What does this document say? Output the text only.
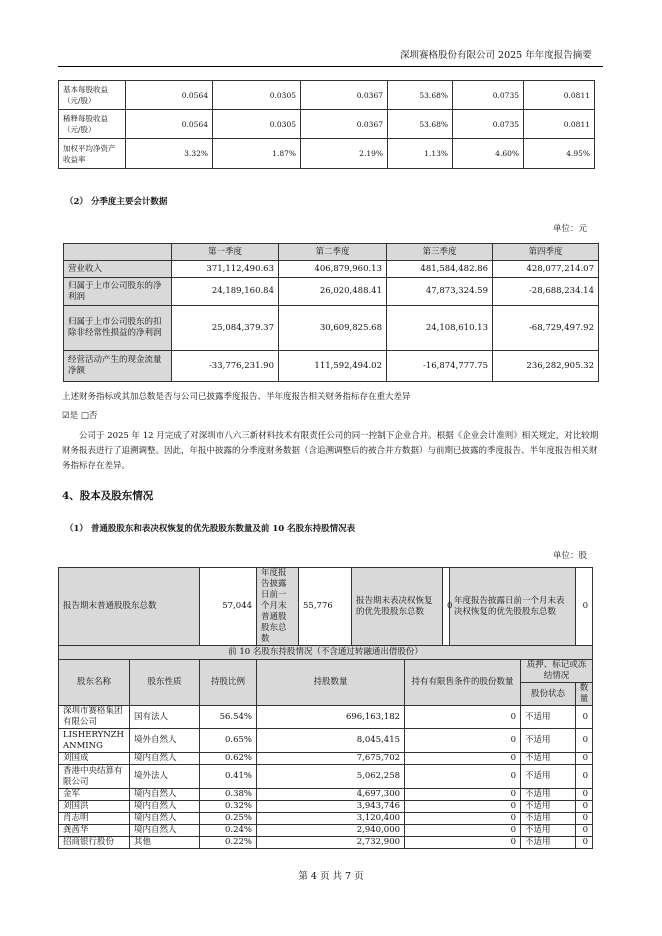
深圳赛格股份有限公司 2025 年年度报告摘要
基本每股收益（元/股）	0.0564	0.0305	0.0367	53.68%	0.0735	0.0811
稀释每股收益（元/股）	0.0564	0.0305	0.0367	53.68%	0.0735	0.0811
加权平均净资产收益率	3.32%	1.87%	2.19%	1.13%	4.60%	4.95%
（2） 分季度主要会计数据
单位：元
	第一季度	第二季度	第三季度	第四季度
营业收入	371,112,490.63	406,879,960.13	481,584,482.86	428,077,214.07
归属于上市公司股东的净利润	24,189,160.84	26,020,488.41	47,873,324.59	-28,688,234.14
归属于上市公司股东的扣除非经常性损益的净利润	25,084,379.37	30,609,825.68	24,108,610.13	-68,729,497.92
经营活动产生的现金流量净额	-33,776,231.90	111,592,494.02	-16,874,777.75	236,282,905.32
上述财务指标或其加总数是否与公司已披露季度报告、半年度报告相关财务指标存在重大差异
☑是 □否
公司于 2025 年 12 月完成了对深圳市八六三新材料技术有限责任公司的同一控制下企业合并。根据《企业会计准则》相关规定，对比较期财务报表进行了追溯调整。因此，年报中披露的分季度财务数据（含追溯调整后的被合并方数据）与前期已披露的季度报告、半年度报告相关财务指标存在差异。
4、股本及股东情况
（1） 普通股股东和表决权恢复的优先股股东数量及前 10 名股东持股情况表
单位：股
报告期末普通股股东总数		57,044	年度报告披露日前一个月末普通股股东总数	55,776	报告期末表决权恢复的优先股股东总数		0	年度报告披露日前一个月末表决权恢复的优先股股东总数		0
前 10 名股东持股情况（不含通过转融通出借股份）										
股东名称	股东性质	持股比例	持股数量			持有有限售条件的股份数量			质押、标记或冻结情况	
									股份状态	数量
深圳市赛格集团有限公司	国有法人	56.54%	696,163,182			0			不适用	0
LISHERYNZHANMING	境外自然人	0.65%	8,045,415			0			不适用	0
刘国成	境内自然人	0.62%	7,675,702			0			不适用	0
香港中央结算有限公司	境外法人	0.41%	5,062,258			0			不适用	0
金军	境内自然人	0.38%	4,697,300			0			不适用	0
刘国洪	境内自然人	0.32%	3,943,746			0			不适用	0
肖志明	境内自然人	0.25%	3,120,400			0			不适用	0
龚茜华	境内自然人	0.24%	2,940,000			0			不适用	0
招商银行股份	其他	0.22%	2,732,900			0			不适用	0
第 4 页 共 7 页
